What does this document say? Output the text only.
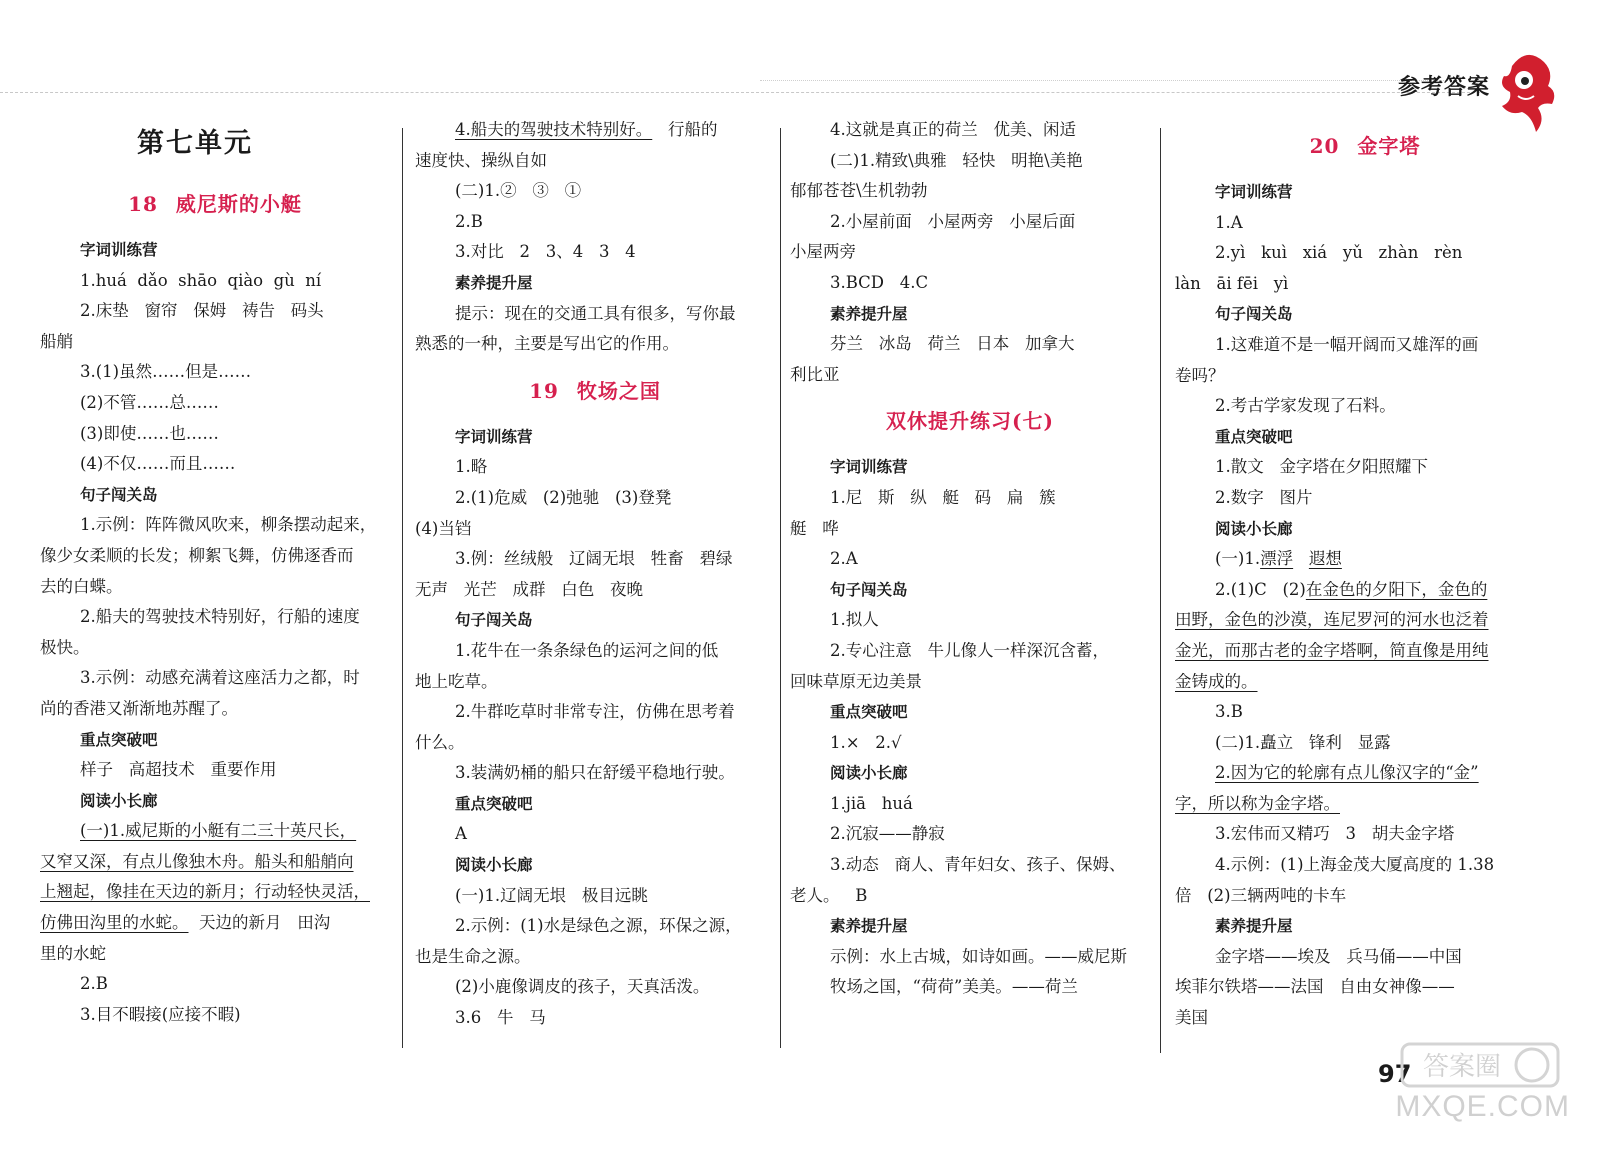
参考答案
第七单元
18 威尼斯的小艇
字词训练营
1.huá  dǎo  shāo  qiào  gù  ní
2.床垫   窗帘   保姆   祷告   码头
船艄
3.(1)虽然……但是……
(2)不管……总……
(3)即使……也……
(4)不仅……而且……
句子闯关岛
1.示例：阵阵微风吹来，柳条摆动起来，
像少女柔顺的长发；柳絮飞舞，仿佛逐香而
去的白蝶。
2.船夫的驾驶技术特别好，行船的速度
极快。
3.示例：动感充满着这座活力之都，时
尚的香港又渐渐地苏醒了。
重点突破吧
样子   高超技术   重要作用
阅读小长廊
(一)1.威尼斯的小艇有二三十英尺长，
又窄又深，有点儿像独木舟。船头和船艄向
上翘起，像挂在天边的新月；行动轻快灵活，
仿佛田沟里的水蛇。  天边的新月   田沟
里的水蛇
2.B
3.目不暇接(应接不暇)
4.船夫的驾驶技术特别好。   行船的
速度快、操纵自如
(二)1.②   ③   ①
2.B
3.对比   2   3、4   3   4
素养提升屋
提示：现在的交通工具有很多，写你最
熟悉的一种，主要是写出它的作用。
19 牧场之国
字词训练营
1.略
2.(1)危威   (2)弛驰   (3)登凳
(4)当铛
3.例：丝绒般   辽阔无垠   牲畜   碧绿
无声   光芒   成群   白色   夜晚
句子闯关岛
1.花牛在一条条绿色的运河之间的低
地上吃草。
2.牛群吃草时非常专注，仿佛在思考着
什么。
3.装满奶桶的船只在舒缓平稳地行驶。
重点突破吧
A
阅读小长廊
(一)1.辽阔无垠   极目远眺
2.示例：(1)水是绿色之源，环保之源，
也是生命之源。
(2)小鹿像调皮的孩子，天真活泼。
3.6   牛   马
4.这就是真正的荷兰   优美、闲适
(二)1.精致\典雅   轻快   明艳\美艳
郁郁苍苍\生机勃勃
2.小屋前面   小屋两旁   小屋后面
小屋两旁
3.BCD   4.C
素养提升屋
芬兰   冰岛   荷兰   日本   加拿大
利比亚
双休提升练习(七)
字词训练营
1.尼   斯   纵   艇   码   扁   簇
艇   哗
2.A
句子闯关岛
1.拟人
2.专心注意   牛儿像人一样深沉含蓄，
回味草原无边美景
重点突破吧
1.×   2.√
阅读小长廊
1.jiā   huá
2.沉寂——静寂
3.动态   商人、青年妇女、孩子、保姆、
老人。   B
素养提升屋
示例：水上古城，如诗如画。——威尼斯
牧场之国，“荷荷”美美。——荷兰
20 金字塔
字词训练营
1.A
2.yì   kuì   xiá   yǔ   zhàn   rèn
làn   āi fēi   yì
句子闯关岛
1.这难道不是一幅开阔而又雄浑的画
卷吗？
2.考古学家发现了石料。
重点突破吧
1.散文   金字塔在夕阳照耀下
2.数字   图片
阅读小长廊
(一)1.漂浮 遐想
2.(1)C   (2)在金色的夕阳下，金色的
田野，金色的沙漠，连尼罗河的河水也泛着
金光，而那古老的金字塔啊，简直像是用纯
金铸成的。
3.B
(二)1.矗立   锋利   显露
2.因为它的轮廓有点儿像汉字的“金”
字，所以称为金字塔。
3.宏伟而又精巧   3   胡夫金字塔
4.示例：(1)上海金茂大厦高度的 1.38
倍   (2)三辆两吨的卡车
素养提升屋
金字塔——埃及   兵马俑——中国
埃菲尔铁塔——法国   自由女神像——
美国
97 答案圈
MXQE.COM
